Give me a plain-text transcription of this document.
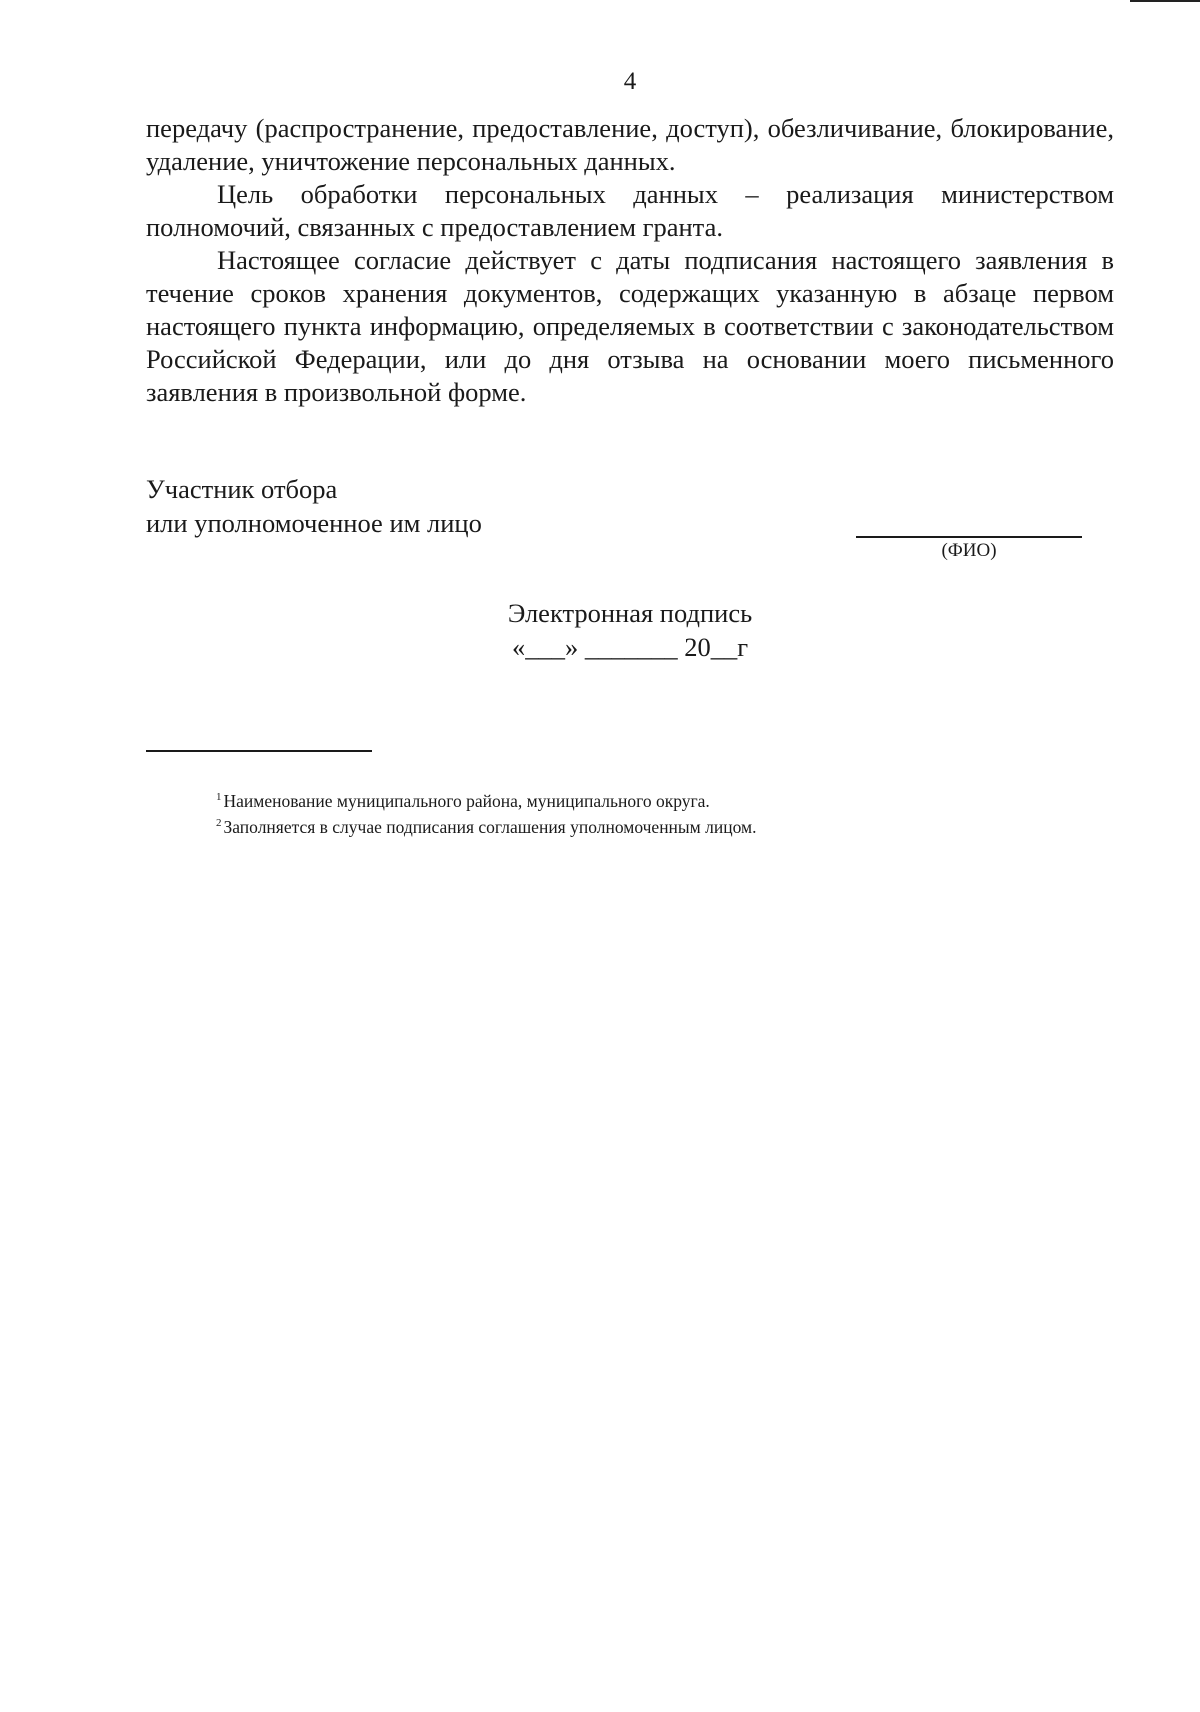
4

передачу (распространение, предоставление, доступ), обезличивание, блокирование, удаление, уничтожение персональных данных.

Цель обработки персональных данных – реализация министерством полномочий, связанных с предоставлением гранта.

Настоящее согласие действует с даты подписания настоящего заявления в течение сроков хранения документов, содержащих указанную в абзаце первом настоящего пункта информацию, определяемых в соответствии с законодательством Российской Федерации, или до дня отзыва на основании моего письменного заявления в произвольной форме.

Участник отбора
или уполномоченное им лицо
(ФИО)
Электронная подпись
«___» _______ 20__г
$^1$ Наименование муниципального района, муниципального округа.
$^2$ Заполняется в случае подписания соглашения уполномоченным лицом.
